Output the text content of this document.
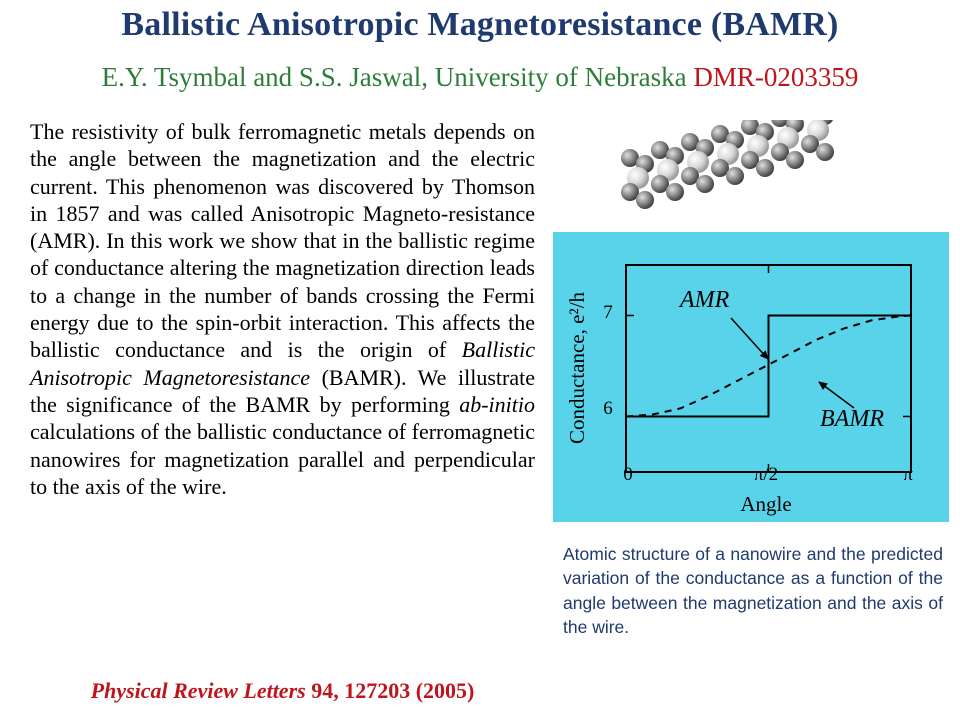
Ballistic Anisotropic Magnetoresistance (BAMR)
E.Y. Tsymbal and S.S. Jaswal, University of Nebraska DMR-0203359

The resistivity of bulk ferromagnetic metals depends on the angle between the magnetization and the electric current. This phenomenon was discovered by Thomson in 1857 and was called Anisotropic Magneto-resistance (AMR). In this work we show that in the ballistic regime of conductance altering the magnetization direction leads to a change in the number of bands crossing the Fermi energy due to the spin-orbit interaction. This affects the ballistic conductance and is the origin of Ballistic Anisotropic Magnetoresistance (BAMR). We illustrate the significance of the BAMR by performing ab-initio calculations of the ballistic conductance of ferromagnetic nanowires for magnetization parallel and perpendicular to the axis of the wire.

Physical Review Letters 94, 127203 (2005)
6
7
0	π/2	π
Angle
Conductance, e²/h	AMR
BAMR
Atomic structure of a nanowire and the predicted variation of the conductance as a function of the angle between the magnetization and the axis of the wire.
